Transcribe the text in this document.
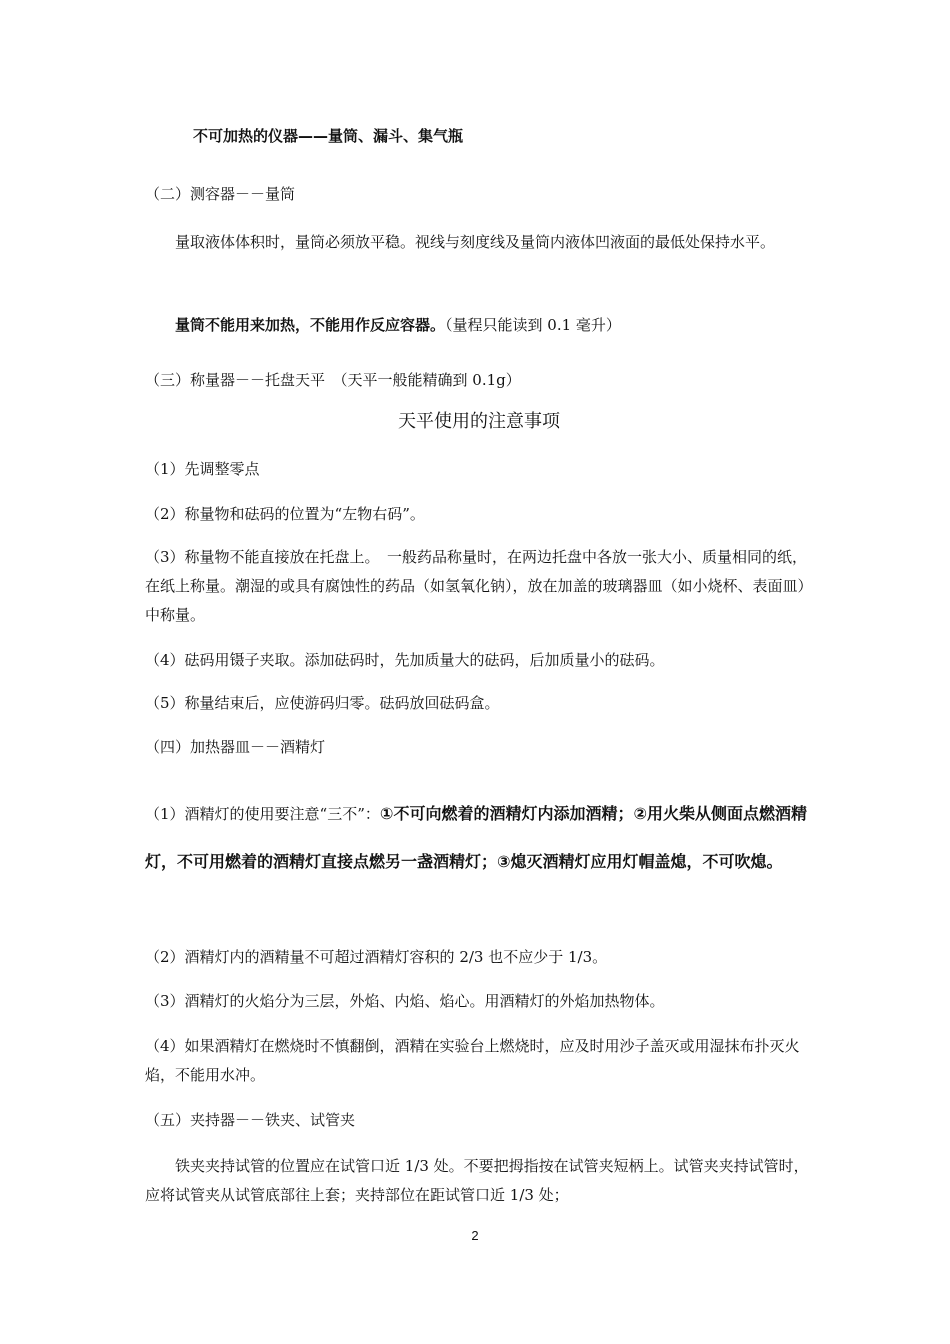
不可加热的仪器——量筒、漏斗、集气瓶

（二）测容器－－量筒

　　量取液体体积时，量筒必须放平稳。视线与刻度线及量筒内液体凹液面的最低处保持水平。

　　量筒不能用来加热，不能用作反应容器。（量程只能读到 0.1 毫升）

（三）称量器－－托盘天平　（天平一般能精确到 0.1g）

天平使用的注意事项

（1）先调整零点

（2）称量物和砝码的位置为“左物右码”。

（3）称量物不能直接放在托盘上。　一般药品称量时，在两边托盘中各放一张大小、质量相同的纸，在纸上称量。潮湿的或具有腐蚀性的药品（如氢氧化钠），放在加盖的玻璃器皿（如小烧杯、表面皿）中称量。

（4）砝码用镊子夹取。添加砝码时，先加质量大的砝码，后加质量小的砝码。

（5）称量结束后，应使游码归零。砝码放回砝码盒。

（四）加热器皿－－酒精灯

（1）酒精灯的使用要注意“三不”：①不可向燃着的酒精灯内添加酒精；②用火柴从侧面点燃酒精灯，不可用燃着的酒精灯直接点燃另一盏酒精灯；③熄灭酒精灯应用灯帽盖熄，不可吹熄。

（2）酒精灯内的酒精量不可超过酒精灯容积的 2/3 也不应少于 1/3。

（3）酒精灯的火焰分为三层，外焰、内焰、焰心。用酒精灯的外焰加热物体。

（4）如果酒精灯在燃烧时不慎翻倒，酒精在实验台上燃烧时，应及时用沙子盖灭或用湿抹布扑灭火焰，不能用水冲。

（五）夹持器－－铁夹、试管夹

　　铁夹夹持试管的位置应在试管口近 1/3 处。不要把拇指按在试管夹短柄上。试管夹夹持试管时，应将试管夹从试管底部往上套；夹持部位在距试管口近 1/3 处；

2
